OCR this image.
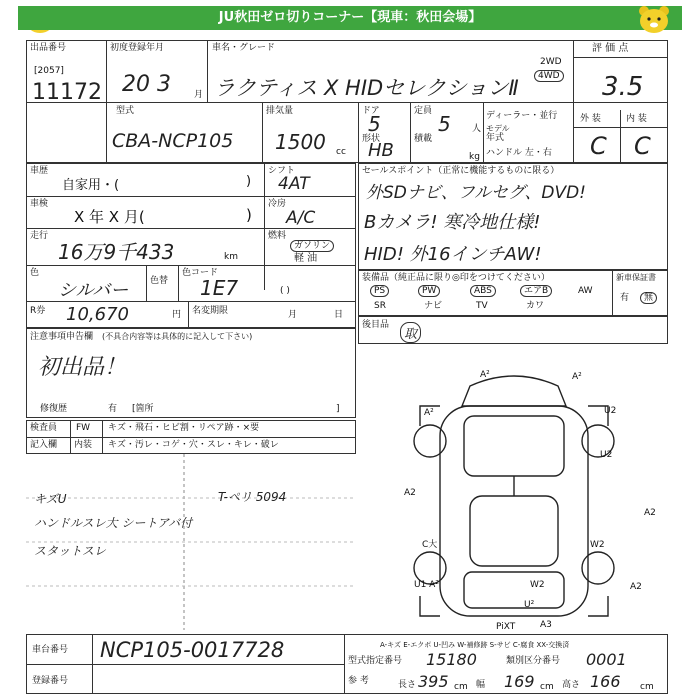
JU秋田ゼロ切りコーナー【現車：秋田会場】
出品番号
[2057]
11172
初度登録年月
20 3	月
車名・グレード
ラクティス X HIDセレクションⅡ
2WD
4WD
評 価 点
3.5
型式
CBA-NCP105
排気量
1500 cc
ドア
5
形状
HB
定員
5 人
積載
kg
ディーラー・並行
モデル
年式
ハンドル 左・右
外 装	内 装
C C
車歴
自家用・(	)
車検
X 年 X 月(	)
走行
16万9千433	km
色
シルバー 色替
色コード
1E7
シフト
4AT
冷房
A/C
燃料
ガソリン
軽 油
( )
R券 10,670	円 名変期限	月	日
注意事項申告欄 (不具合内容等は具体的に記入して下さい)
初出品！
修復歴	有 [箇所	]
セールスポイント（正常に機能するものに限る）
外SDナビ、フルセグ、DVD!
Bカメラ! 寒冷地仕様!
HID! 外16インチAW!
装備品（純正品に限り◎印をつけてください）
PS	PW	ABS	エアB	AW
SR	ナビ	TV	カワ
新車保証書
有	無
後目品
取
検査員 FW キズ・飛石・ヒビ割・リペア跡・×要
記入欄 内装 キズ・汚レ・コゲ・穴・スレ・キレ・破レ
キズU
ハンドルスレ大 シートアバ付
スタットスレ
T-ペリ 5094
A²	A²
A²	U2
U2
A2
A2
C大	W2
U1 A²	A2
W2
A3
PiXT
U²
車台番号 NCP105-0017728
登録番号
型式指定番号 15180	類別区分番号 0001
参 考	長さ 395 cm 幅 169 cm 高さ 166 cm
A-キズ E-エクボ U-凹み W-補修跡 S-サビ C-腐食 XX-交換済
